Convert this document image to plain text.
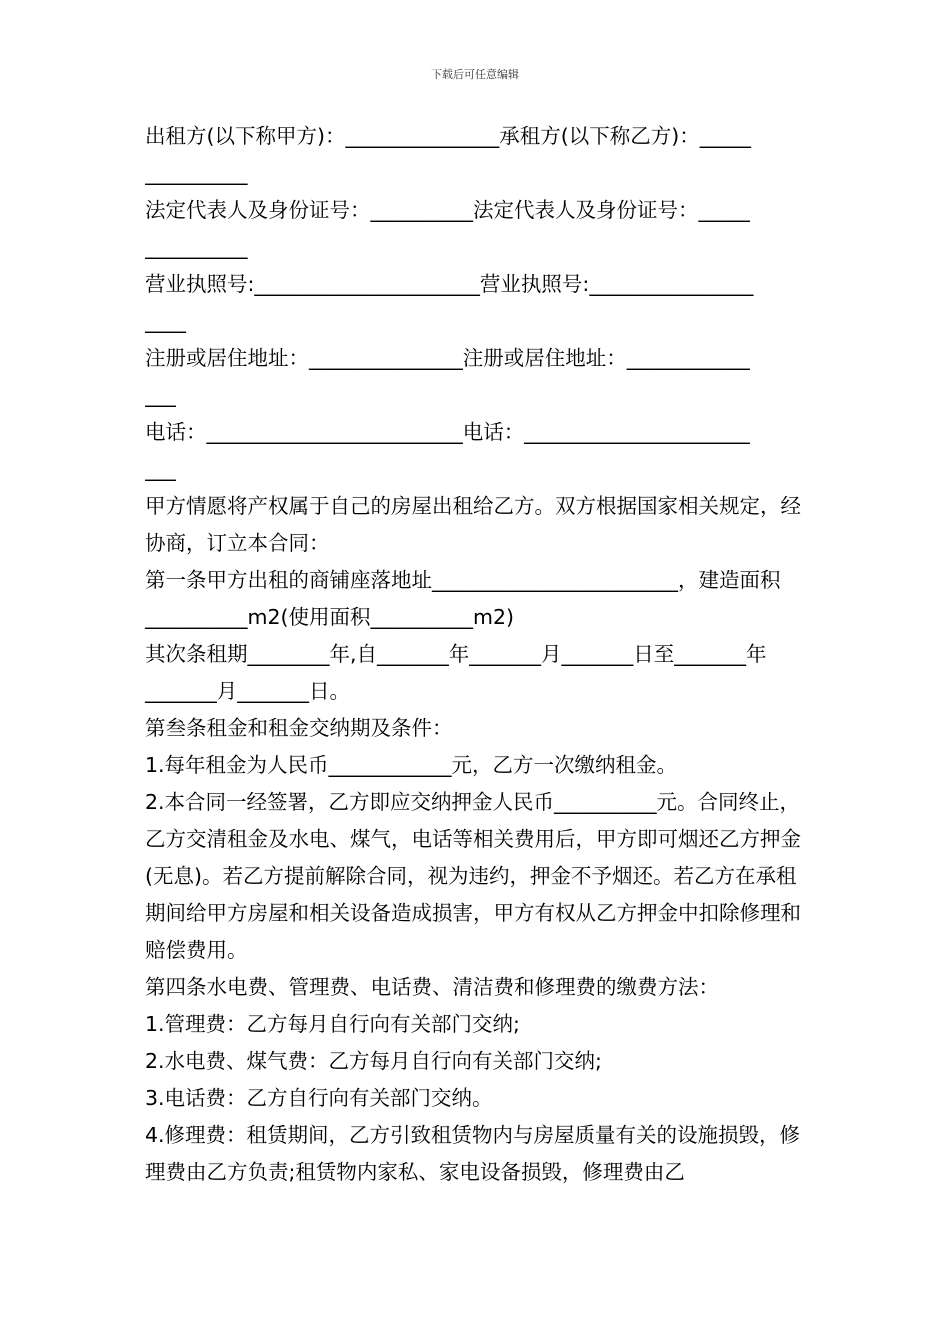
下载后可任意编辑
出租方(以下称甲方)：_______________承租方(以下称乙方)：_____
__________
法定代表人及身份证号：__________法定代表人及身份证号：_____
__________
营业执照号:______________________营业执照号:________________
____
注册或居住地址：_______________注册或居住地址：____________
___
电话：_________________________电话：______________________
___
甲方情愿将产权属于自己的房屋出租给乙方。双方根据国家相关规定，经协商，订立本合同：
第一条甲方出租的商铺座落地址________________________，建造面积__________m2(使用面积__________m2)
其次条租期________年,自_______年_______月_______日至_______年_______月_______日。
第叁条租金和租金交纳期及条件：
1.每年租金为人民币____________元，乙方一次缴纳租金。
2.本合同一经签署，乙方即应交纳押金人民币__________元。合同终止，乙方交清租金及水电、煤气，电话等相关费用后，甲方即可烟还乙方押金(无息)。若乙方提前解除合同，视为违约，押金不予烟还。若乙方在承租期间给甲方房屋和相关设备造成损害，甲方有权从乙方押金中扣除修理和赔偿费用。
第四条水电费、管理费、电话费、清洁费和修理费的缴费方法：
1.管理费：乙方每月自行向有关部门交纳;
2.水电费、煤气费：乙方每月自行向有关部门交纳;
3.电话费：乙方自行向有关部门交纳。
4.修理费：租赁期间，乙方引致租赁物内与房屋质量有关的设施损毁，修理费由乙方负责;租赁物内家私、家电设备损毁，修理费由乙
